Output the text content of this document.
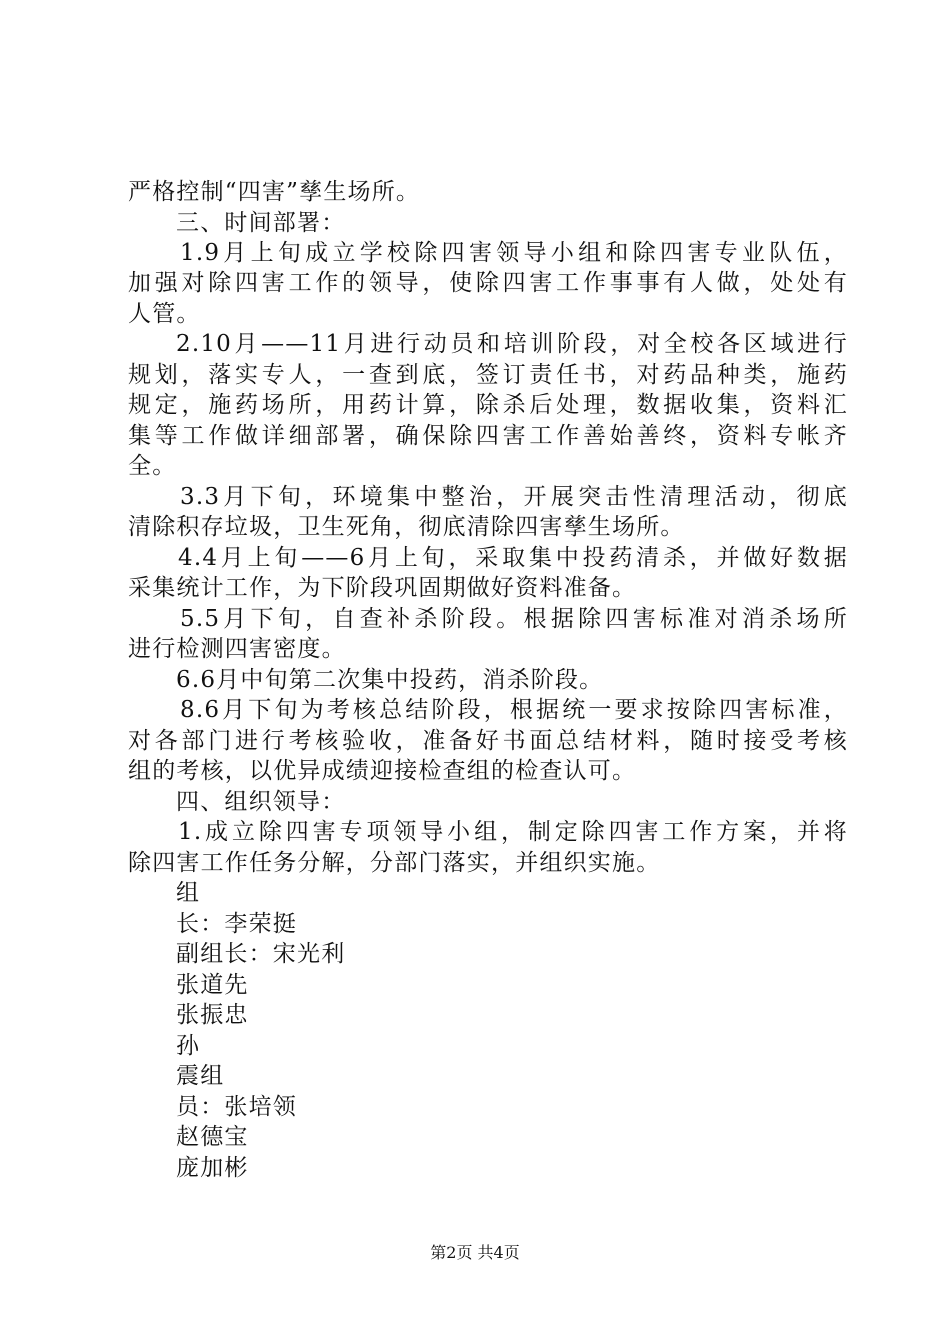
严格控制“四害”孳生场所。
三、时间部署：
1.9月上旬成立学校除四害领导小组和除四害专业队伍，
加强对除四害工作的领导，使除四害工作事事有人做，处处有
人管。
2.10月——11月进行动员和培训阶段，对全校各区域进行
规划，落实专人，一查到底，签订责任书，对药品种类，施药
规定，施药场所，用药计算，除杀后处理，数据收集，资料汇
集等工作做详细部署，确保除四害工作善始善终，资料专帐齐
全。
3.3月下旬，环境集中整治，开展突击性清理活动，彻底
清除积存垃圾，卫生死角，彻底清除四害孳生场所。
4.4月上旬——6月上旬，采取集中投药清杀，并做好数据
采集统计工作，为下阶段巩固期做好资料准备。
5.5月下旬，自查补杀阶段。根据除四害标准对消杀场所
进行检测四害密度。
6.6月中旬第二次集中投药，消杀阶段。
8.6月下旬为考核总结阶段，根据统一要求按除四害标准，
对各部门进行考核验收，准备好书面总结材料，随时接受考核
组的考核，以优异成绩迎接检查组的检查认可。
四、组织领导：
1.成立除四害专项领导小组，制定除四害工作方案，并将
除四害工作任务分解，分部门落实，并组织实施。
组
长：李荣挺
副组长：宋光利
张道先
张振忠
孙
震组
员：张培领
赵德宝
庞加彬
第2页 共4页
